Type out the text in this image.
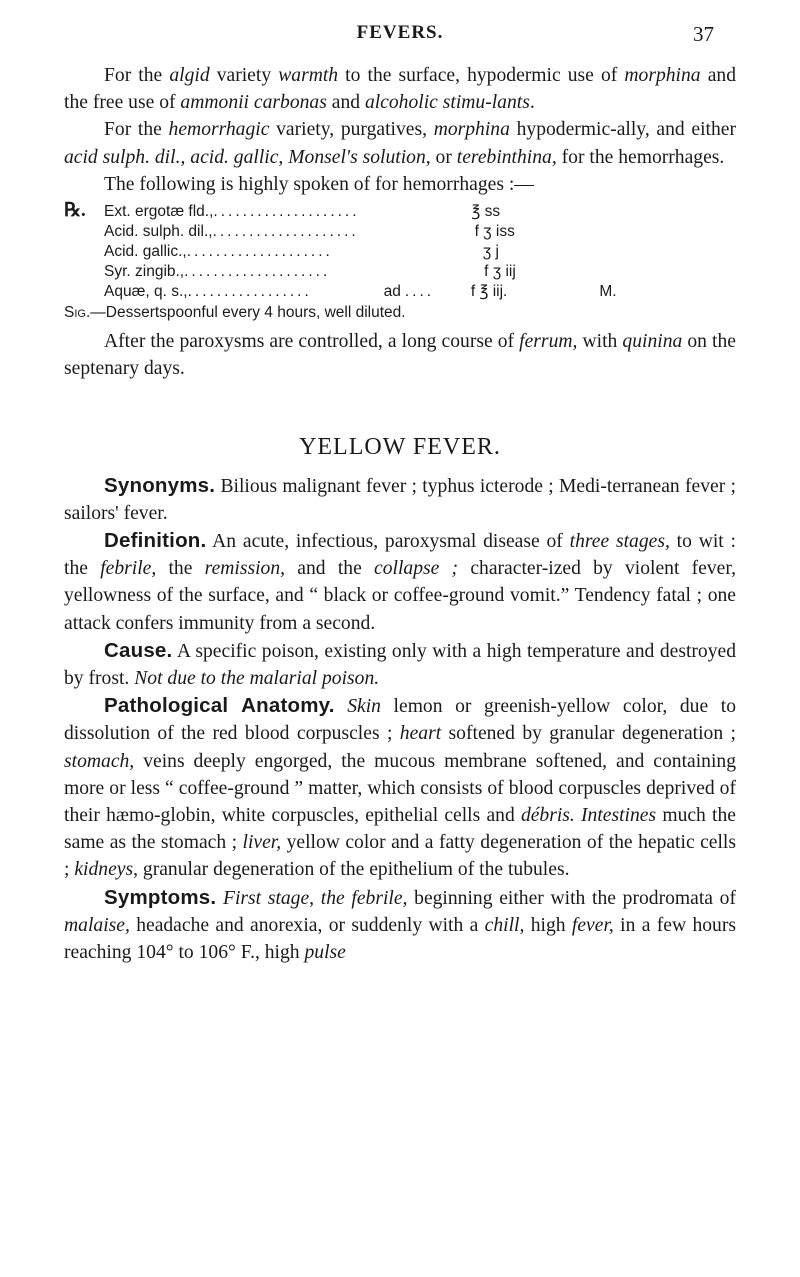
FEVERS.	37

For the algid variety warmth to the surface, hypodermic use of morphina and the free use of ammonii carbonas and alcoholic stimu-lants.

For the hemorrhagic variety, purgatives, morphina hypodermic-ally, and either acid sulph. dil., acid. gallic, Monsel's solution, or terebinthina, for the hemorrhages.

The following is highly spoken of for hemorrhages :—

℞.	Ext. ergotæ fld., ....................	℥ ss
Acid. sulph. dil., ....................	f ʒ iss
Acid. gallic., ....................	ʒ j
Syr. zingib., ....................	f ʒ iij
Aquæ, q. s., .................	ad ....	f ℥ iij.	M.

Sig.—Dessertspoonful every 4 hours, well diluted.

After the paroxysms are controlled, a long course of ferrum, with quinina on the septenary days.

YELLOW FEVER.

Synonyms. Bilious malignant fever ; typhus icterode ; Medi-terranean fever ; sailors' fever.

Definition. An acute, infectious, paroxysmal disease of three stages, to wit : the febrile, the remission, and the collapse ; character-ized by violent fever, yellowness of the surface, and “ black or coffee-ground vomit.” Tendency fatal ; one attack confers immunity from a second.

Cause. A specific poison, existing only with a high temperature and destroyed by frost. Not due to the malarial poison.

Pathological Anatomy. Skin lemon or greenish-yellow color, due to dissolution of the red blood corpuscles ; heart softened by granular degeneration ; stomach, veins deeply engorged, the mucous membrane softened, and containing more or less “ coffee-ground ” matter, which consists of blood corpuscles deprived of their hæmo-globin, white corpuscles, epithelial cells and débris. Intestines much the same as the stomach ; liver, yellow color and a fatty degeneration of the hepatic cells ; kidneys, granular degeneration of the epithelium of the tubules.

Symptoms. First stage, the febrile, beginning either with the prodromata of malaise, headache and anorexia, or suddenly with a chill, high fever, in a few hours reaching 104° to 106° F., high pulse
